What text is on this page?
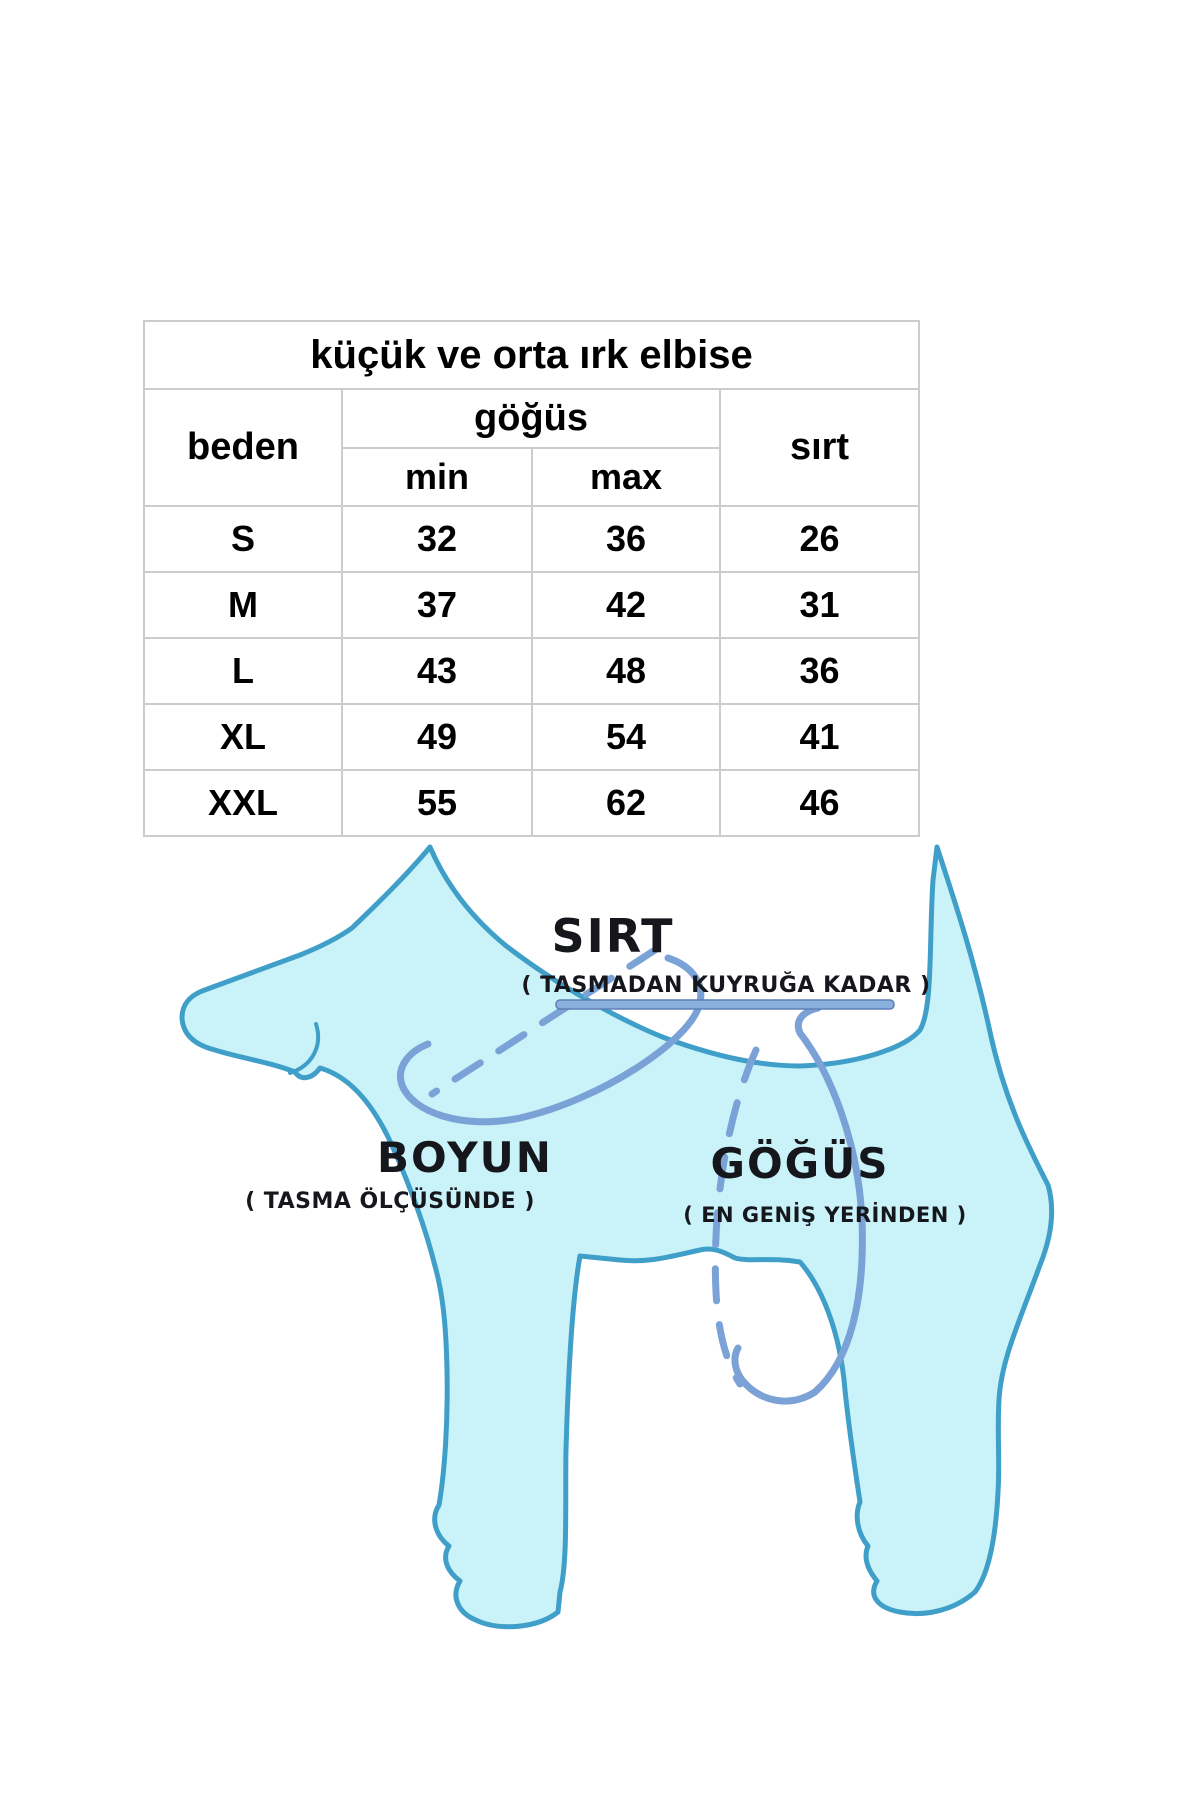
küçük ve orta ırk elbise			
beden	göğüs		sırt
	min	max	
S	32	36	26
M	37	42	31
L	43	48	36
XL	49	54	41
XXL	55	62	46
SIRT
( TASMADAN KUYRUĞA KADAR )
BOYUN
( TASMA ÖLÇÜSÜNDE )
GÖĞÜS
( EN GENİŞ YERİNDEN )
